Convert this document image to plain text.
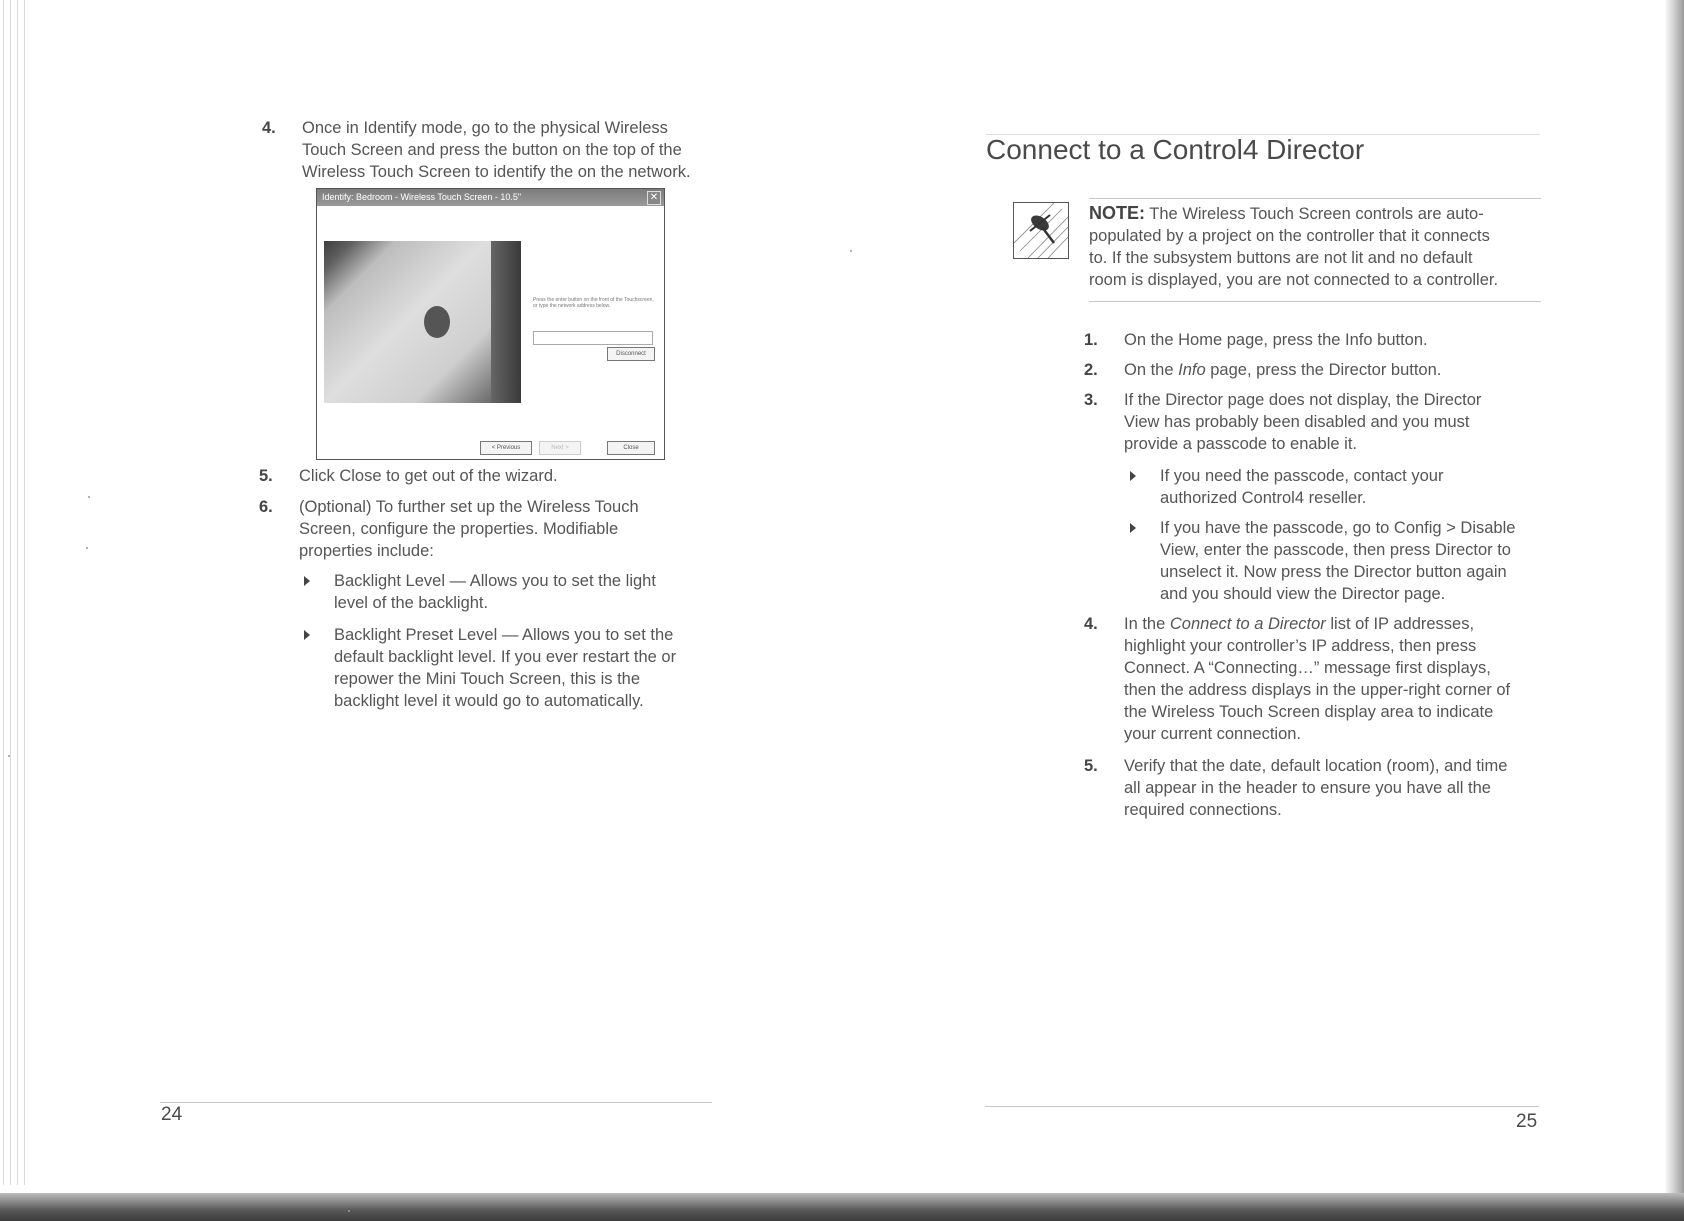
4. Once in Identify mode, go to the physical Wireless
Touch Screen and press the button on the top of the
Wireless Touch Screen to identify the on the network.
Identify: Bedroom - Wireless Touch Screen - 10.5"	✕
Press the enter button on the front of the Touchscreen, or type the network address below.
Disconnect
< Previous	Next >	Close
5. Click Close to get out of the wizard.
6. (Optional) To further set up the Wireless Touch
Screen, configure the properties. Modifiable
properties include:
Backlight Level — Allows you to set the light
level of the backlight.
Backlight Preset Level — Allows you to set the
default backlight level. If you ever restart the or
repower the Mini Touch Screen, this is the
backlight level it would go to automatically.
24
Connect to a Control4 Director
NOTE: The Wireless Touch Screen controls are auto-
populated by a project on the controller that it connects
to. If the subsystem buttons are not lit and no default
room is displayed, you are not connected to a controller.
1. On the Home page, press the Info button.
2. On the Info page, press the Director button.
3. If the Director page does not display, the Director
View has probably been disabled and you must
provide a passcode to enable it.
If you need the passcode, contact your
authorized Control4 reseller.
If you have the passcode, go to Config > Disable
View, enter the passcode, then press Director to
unselect it. Now press the Director button again
and you should view the Director page.
4. In the Connect to a Director list of IP addresses,
highlight your controller’s IP address, then press
Connect. A “Connecting…” message first displays,
then the address displays in the upper-right corner of
the Wireless Touch Screen display area to indicate
your current connection.
5. Verify that the date, default location (room), and time
all appear in the header to ensure you have all the
required connections.
25
